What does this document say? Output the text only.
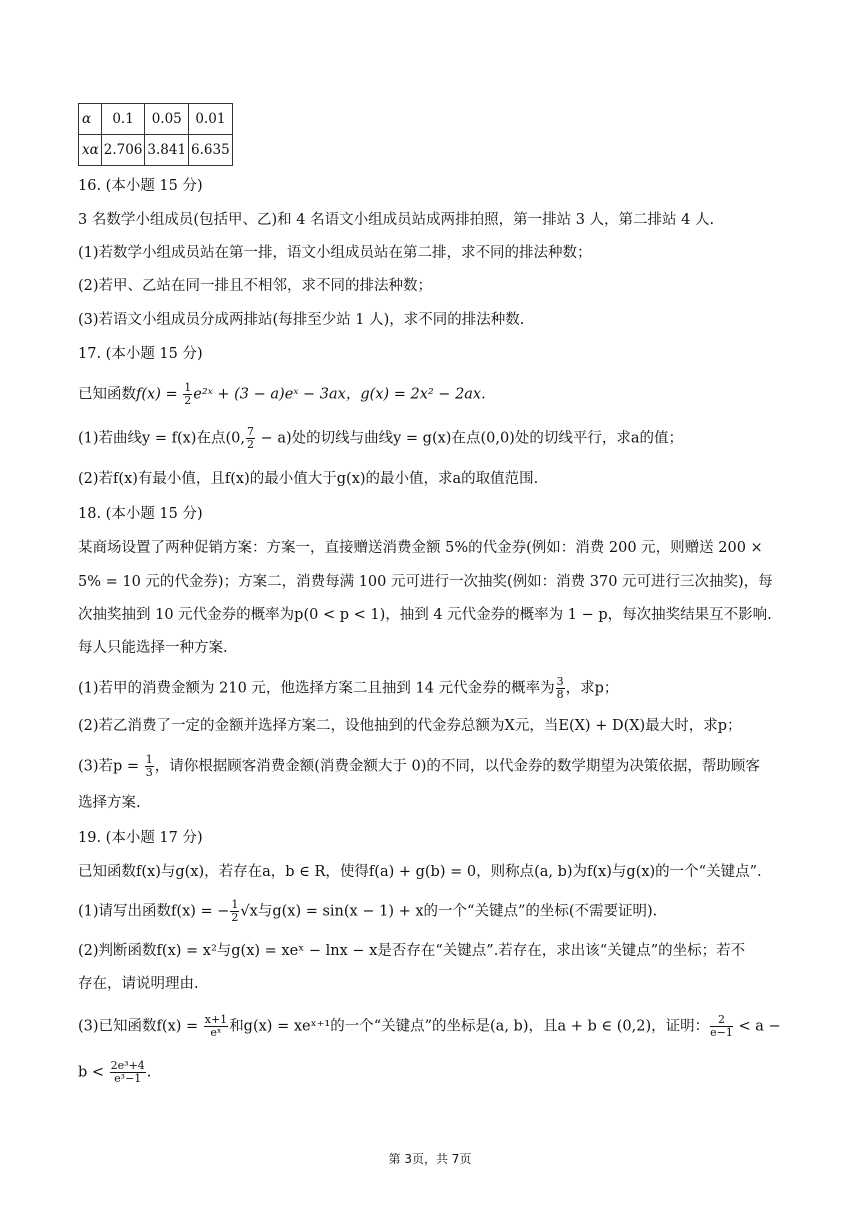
α	0.1	0.05	0.01
xα	2.706	3.841	6.635
16. (本小题 15 分)
3 名数学小组成员(包括甲、乙)和 4 名语文小组成员站成两排拍照，第一排站 3 人，第二排站 4 人.
(1)若数学小组成员站在第一排，语文小组成员站在第二排，求不同的排法种数；
(2)若甲、乙站在同一排且不相邻，求不同的排法种数；
(3)若语文小组成员分成两排站(每排至少站 1 人)，求不同的排法种数.
17. (本小题 15 分)
已知函数$f(x) = \frac{1}{2}$ e²ˣ + (3 − a)eˣ − 3ax，g(x) = 2x² − 2ax.
(1)若曲线y = f(x)在点(0, $\frac{7}{2} - a$)处的切线与曲线y = g(x)在点(0,0)处的切线平行，求a的值；
(2)若f(x)有最小值，且f(x)的最小值大于g(x)的最小值，求a的取值范围.
18. (本小题 15 分)
某商场设置了两种促销方案：方案一，直接赠送消费金额 5%的代金券(例如：消费 200 元，则赠送 200 ×
5% = 10 元的代金券)；方案二，消费每满 100 元可进行一次抽奖(例如：消费 370 元可进行三次抽奖)，每
次抽奖抽到 10 元代金券的概率为p(0 < p < 1)，抽到 4 元代金券的概率为 1 − p，每次抽奖结果互不影响.
每人只能选择一种方案.
(1)若甲的消费金额为 210 元，他选择方案二且抽到 14 元代金券的概率为 $\frac{3}{8}$ ，求p；
(2)若乙消费了一定的金额并选择方案二，设他抽到的代金券总额为X元，当E(X) + D(X)最大时，求p；
(3)若$p = \frac{1}{3}$ ，请你根据顾客消费金额(消费金额大于 0)的不同，以代金券的数学期望为决策依据，帮助顾客
选择方案.
19. (本小题 17 分)
已知函数f(x)与g(x)，若存在a，b ∈ R，使得f(a) + g(b) = 0，则称点(a, b)为f(x)与g(x)的一个“关键点”.
(1)请写出函数f(x) = − $\frac{1}{2} √x$与g(x) = sin(x − 1) + x的一个“关键点”的坐标(不需要证明).
(2)判断函数f(x) = x²与g(x) = xeˣ − lnx − x是否存在“关键点”.若存在，求出该“关键点”的坐标；若不
存在，请说明理由.
(3)已知函数$f(x) = \frac{x+1}{\text{eˣ}}$ 和g(x) = xeˣ⁺¹的一个“关键点”的坐标是(a, b)，且a + b ∈ (0,2)，证明： $\frac{2}{e-1} < a$ −
$b < \frac{\text{2e³+4}}{\text{e³−1}}$ .
第 3页，共 7页
